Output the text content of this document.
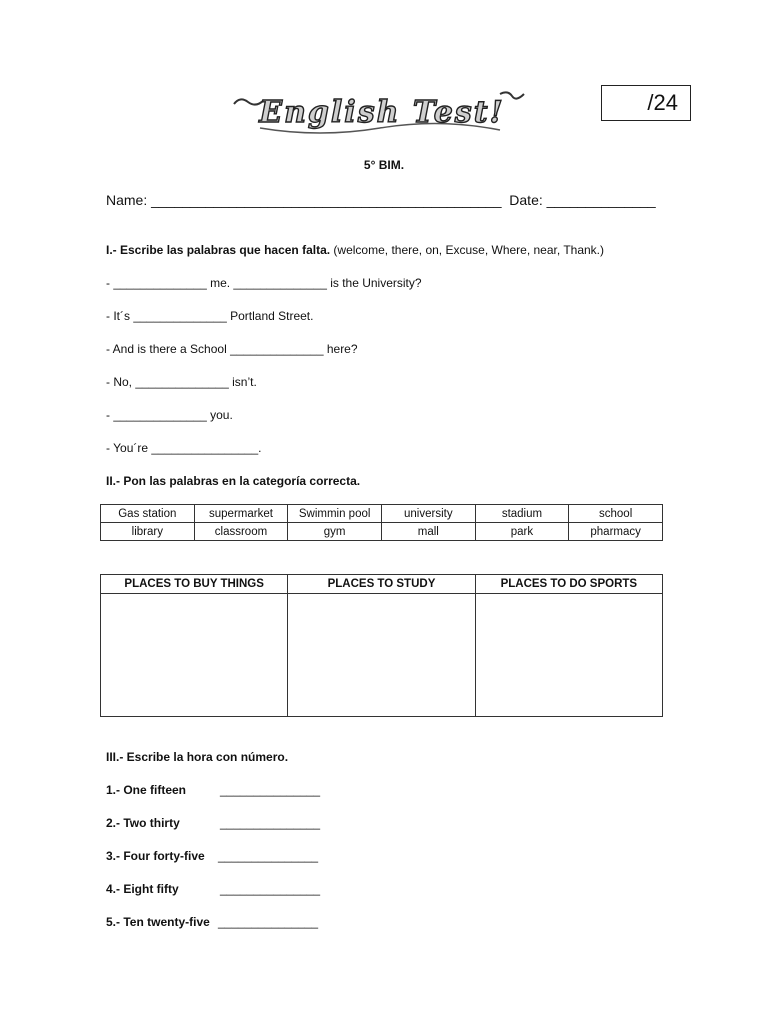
English Test!	/24
5° BIM.
Name: _____________________________________________  Date: ______________
I.- Escribe las palabras que hacen falta. (welcome, there, on, Excuse, Where, near, Thank.)
- ______________ me. ______________ is the University?
- It´s ______________ Portland Street.
- And is there a School ______________ here?
- No, ______________ isn’t.
- ______________ you.
- You´re ________________.
II.- Pon las palabras en la categoría correcta.
Gas station	supermarket	Swimmin pool	university	stadium	school
library	classroom	gym	mall	park	pharmacy
PLACES TO BUY THINGS	PLACES TO STUDY	PLACES TO DO SPORTS

III.- Escribe la hora con número.
1.- One fifteen	_______________
2.- Two thirty	_______________
3.- Four forty-five _______________
4.- Eight fifty	_______________
5.- Ten twenty-five _______________
